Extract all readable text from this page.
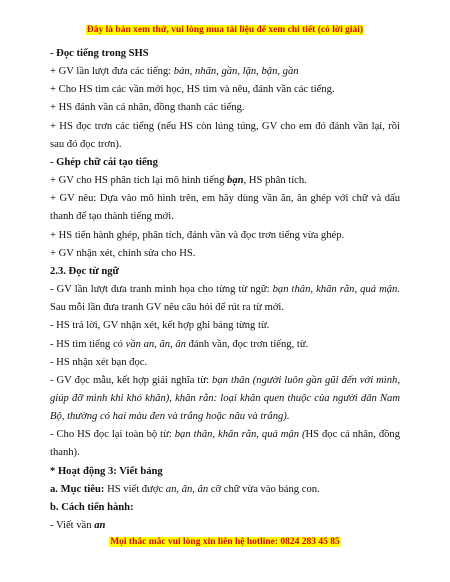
Đây là bản xem thử, vui lòng mua tài liệu để xem chi tiết (có lời giải)

- Đọc tiếng trong SHS

+ GV lần lượt đưa các tiếng: bản, nhãn, gần, lặn, bận, gần

+ Cho HS tìm các vần mới học, HS tìm và nêu, đánh vần các tiếng.

+ HS đánh vần cá nhân, đồng thanh các tiếng.

+ HS đọc trơn các tiếng (nếu HS còn lúng túng, GV cho em đó đánh vần lại, rồi sau đó đọc trơn).

- Ghép chữ cái tạo tiếng

+ GV cho HS phân tích lại mô hình tiếng bạn, HS phân tích.

+ GV nêu: Dựa vào mô hình trên, em hãy dùng vần ăn, ân ghép với chữ và dấu thanh để tạo thành tiếng mới.

+ HS tiến hành ghép, phân tích, đánh vần và đọc trơn tiếng vừa ghép.

+ GV nhận xét, chỉnh sửa cho HS.

2.3. Đọc từ ngữ

- GV lần lượt đưa tranh minh họa cho từng từ ngữ: bạn thân, khăn rằn, quả mận. Sau mỗi lần đưa tranh GV nêu câu hỏi để rút ra từ mới.

- HS trả lời, GV nhận xét, kết hợp ghi bảng từng từ.

- HS tìm tiếng có vần an, ăn, ân đánh vần, đọc trơn tiếng, từ.

- HS nhận xét bạn đọc.

- GV đọc mẫu, kết hợp giải nghĩa từ: bạn thân (người luôn gần gũi đến với mình, giúp đỡ mình khi khó khăn), khăn rằn: loại khăn quen thuộc của người dân Nam Bộ, thường có hai màu đen và trắng hoặc nâu và trắng).

- Cho HS đọc lại toàn bộ từ: bạn thân, khăn rằn, quả mận (HS đọc cá nhân, đồng thanh).

* Hoạt động 3: Viết bảng

a. Mục tiêu: HS viết được an, ăn, ân cỡ chữ vừa vào bảng con.

b. Cách tiến hành:

- Viết vần an

Mọi thắc mắc vui lòng xin liên hệ hotline: 0824 283 45 85
